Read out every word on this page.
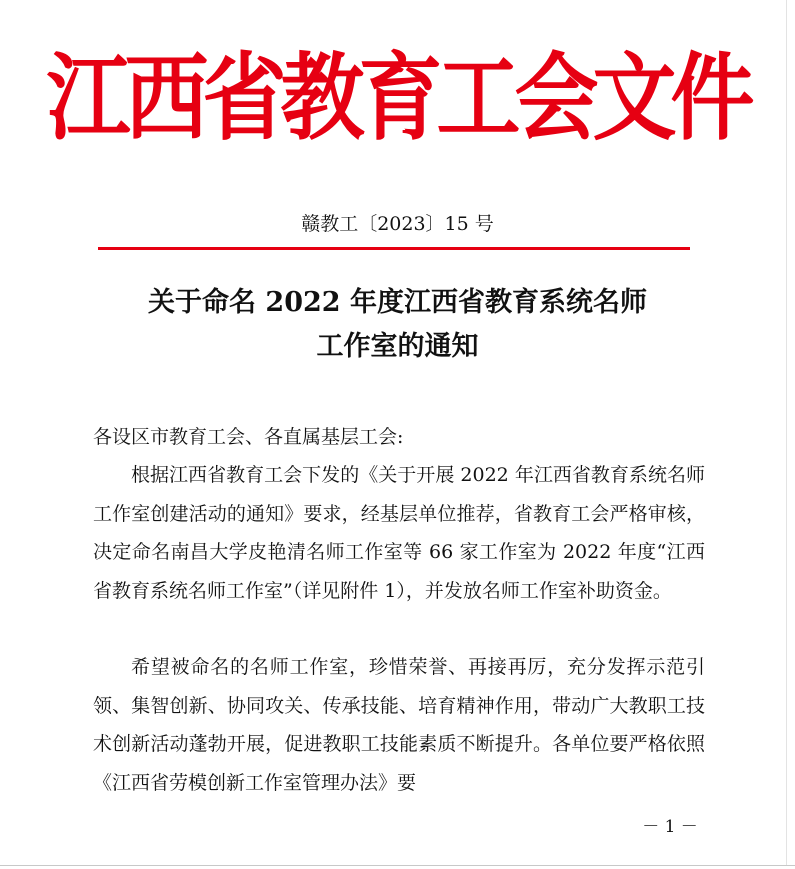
江西省教育工会文件
赣教工〔2023〕15 号
关于命名 2022 年度江西省教育系统名师
工作室的通知
各设区市教育工会、各直属基层工会:
根据江西省教育工会下发的《关于开展 2022 年江西省教育系统名师工作室创建活动的通知》要求，经基层单位推荐，省教育工会严格审核，决定命名南昌大学皮艳清名师工作室等 66 家工作室为 2022 年度“江西省教育系统名师工作室”（详见附件 1），并发放名师工作室补助资金。
希望被命名的名师工作室，珍惜荣誉、再接再厉，充分发挥示范引领、集智创新、协同攻关、传承技能、培育精神作用，带动广大教职工技术创新活动蓬勃开展，促进教职工技能素质不断提升。各单位要严格依照《江西省劳模创新工作室管理办法》要
－ 1 －
